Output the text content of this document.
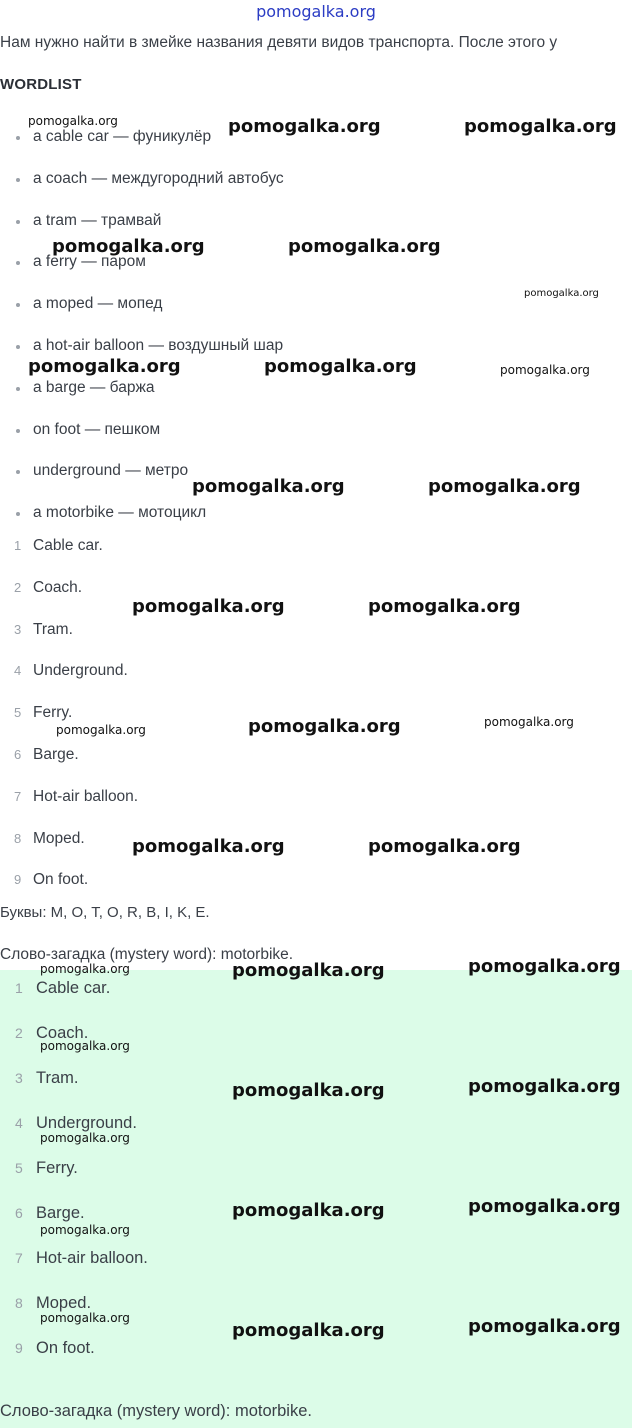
pomogalka.org
Нам нужно найти в змейке названия девяти видов транспорта. После этого у
WORDLIST
a cable car — фуникулёр
a coach — междугородний автобус
a tram — трамвай
a ferry — паром
a moped — мопед
a hot-air balloon — воздушный шар
a barge — баржа
on foot — пешком
underground — метро
a motorbike — мотоцикл
1 Cable car.
2 Coach.
3 Tram.
4 Underground.
5 Ferry.
6 Barge.
7 Hot-air balloon.
8 Moped.
9 On foot.
Буквы: M, O, T, O, R, B, I, K, E.
Слово-загадка (mystery word): motorbike.
1 Cable car.
2 Coach.
3 Tram.
4 Underground.
5 Ferry.
6 Barge.
7 Hot-air balloon.
8 Moped.
9 On foot.
Слово-загадка (mystery word): motorbike.
pomogalka.org	pomogalka.org	pomogalka.org
pomogalka.org	pomogalka.org
pomogalka.org
pomogalka.org	pomogalka.org	pomogalka.org
pomogalka.org	pomogalka.org
pomogalka.org	pomogalka.org
pomogalka.org	pomogalka.org	pomogalka.org
pomogalka.org	pomogalka.org
pomogalka.org	pomogalka.org	pomogalka.org
pomogalka.org
pomogalka.org	pomogalka.org
pomogalka.org
pomogalka.org	pomogalka.org
pomogalka.org
pomogalka.org
pomogalka.org	pomogalka.org
